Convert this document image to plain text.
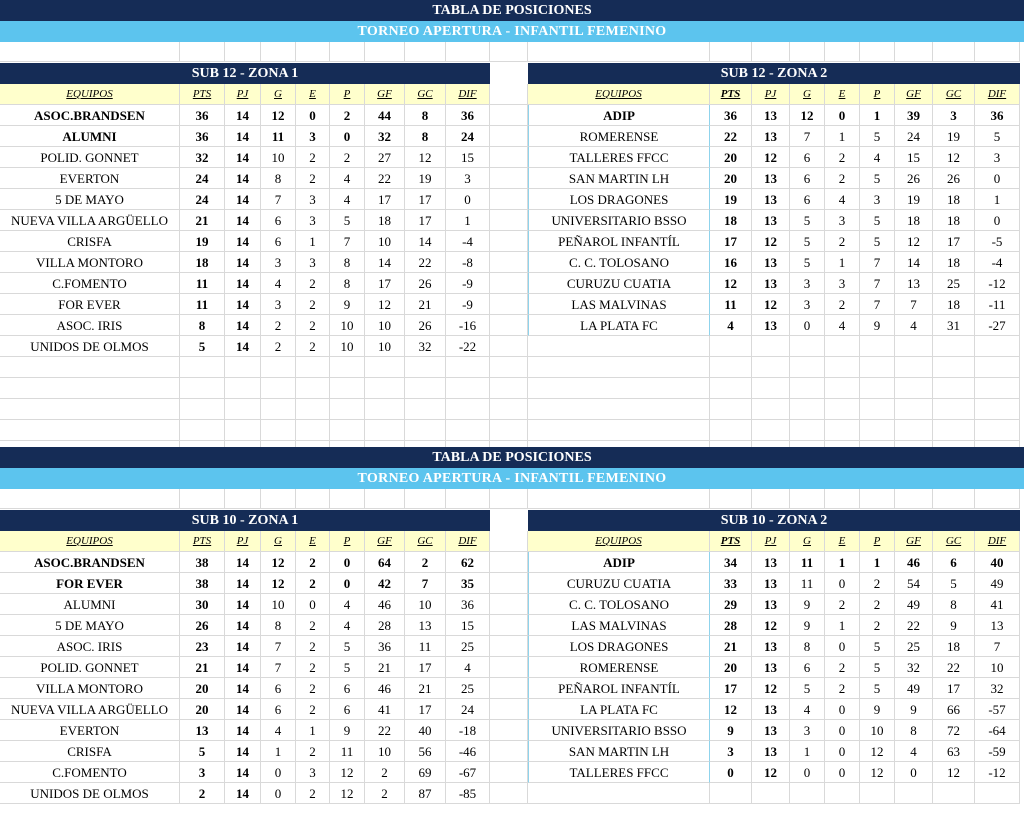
TABLA DE POSICIONES
TORNEO APERTURA - INFANTIL FEMENINO
SUB 12 - ZONA 1
EQUIPOS	PTS	PJ	G	E	P	GF	GC	DIF
ASOC.BRANDSEN	36	14	12	0	2	44	8	36
ALUMNI	36	14	11	3	0	32	8	24
POLID. GONNET	32	14	10	2	2	27	12	15
EVERTON	24	14	8	2	4	22	19	3
5 DE MAYO	24	14	7	3	4	17	17	0
NUEVA VILLA ARGÜELLO	21	14	6	3	5	18	17	1
CRISFA	19	14	6	1	7	10	14	-4
VILLA MONTORO	18	14	3	3	8	14	22	-8
C.FOMENTO	11	14	4	2	8	17	26	-9
FOR EVER	11	14	3	2	9	12	21	-9
ASOC. IRIS	8	14	2	2	10	10	26	-16
UNIDOS DE OLMOS	5	14	2	2	10	10	32	-22
SUB 12 - ZONA 2
EQUIPOS	PTS	PJ	G	E	P	GF	GC	DIF
ADIP	36	13	12	0	1	39	3	36
ROMERENSE	22	13	7	1	5	24	19	5
TALLERES FFCC	20	12	6	2	4	15	12	3
SAN MARTIN LH	20	13	6	2	5	26	26	0
LOS DRAGONES	19	13	6	4	3	19	18	1
UNIVERSITARIO BSSO	18	13	5	3	5	18	18	0
PEÑAROL INFANTÍL	17	12	5	2	5	12	17	-5
C. C. TOLOSANO	16	13	5	1	7	14	18	-4
CURUZU CUATIA	12	13	3	3	7	13	25	-12
LAS MALVINAS	11	12	3	2	7	7	18	-11
LA PLATA FC	4	13	0	4	9	4	31	-27
TABLA DE POSICIONES
TORNEO APERTURA - INFANTIL FEMENINO
SUB 10 - ZONA 1
EQUIPOS	PTS	PJ	G	E	P	GF	GC	DIF
ASOC.BRANDSEN	38	14	12	2	0	64	2	62
FOR EVER	38	14	12	2	0	42	7	35
ALUMNI	30	14	10	0	4	46	10	36
5 DE MAYO	26	14	8	2	4	28	13	15
ASOC. IRIS	23	14	7	2	5	36	11	25
POLID. GONNET	21	14	7	2	5	21	17	4
VILLA MONTORO	20	14	6	2	6	46	21	25
NUEVA VILLA ARGÜELLO	20	14	6	2	6	41	17	24
EVERTON	13	14	4	1	9	22	40	-18
CRISFA	5	14	1	2	11	10	56	-46
C.FOMENTO	3	14	0	3	12	2	69	-67
UNIDOS DE OLMOS	2	14	0	2	12	2	87	-85
SUB 10 - ZONA 2
EQUIPOS	PTS	PJ	G	E	P	GF	GC	DIF
ADIP	34	13	11	1	1	46	6	40
CURUZU CUATIA	33	13	11	0	2	54	5	49
C. C. TOLOSANO	29	13	9	2	2	49	8	41
LAS MALVINAS	28	12	9	1	2	22	9	13
LOS DRAGONES	21	13	8	0	5	25	18	7
ROMERENSE	20	13	6	2	5	32	22	10
PEÑAROL INFANTÍL	17	12	5	2	5	49	17	32
LA PLATA FC	12	13	4	0	9	9	66	-57
UNIVERSITARIO BSSO	9	13	3	0	10	8	72	-64
SAN MARTIN LH	3	13	1	0	12	4	63	-59
TALLERES FFCC	0	12	0	0	12	0	12	-12
